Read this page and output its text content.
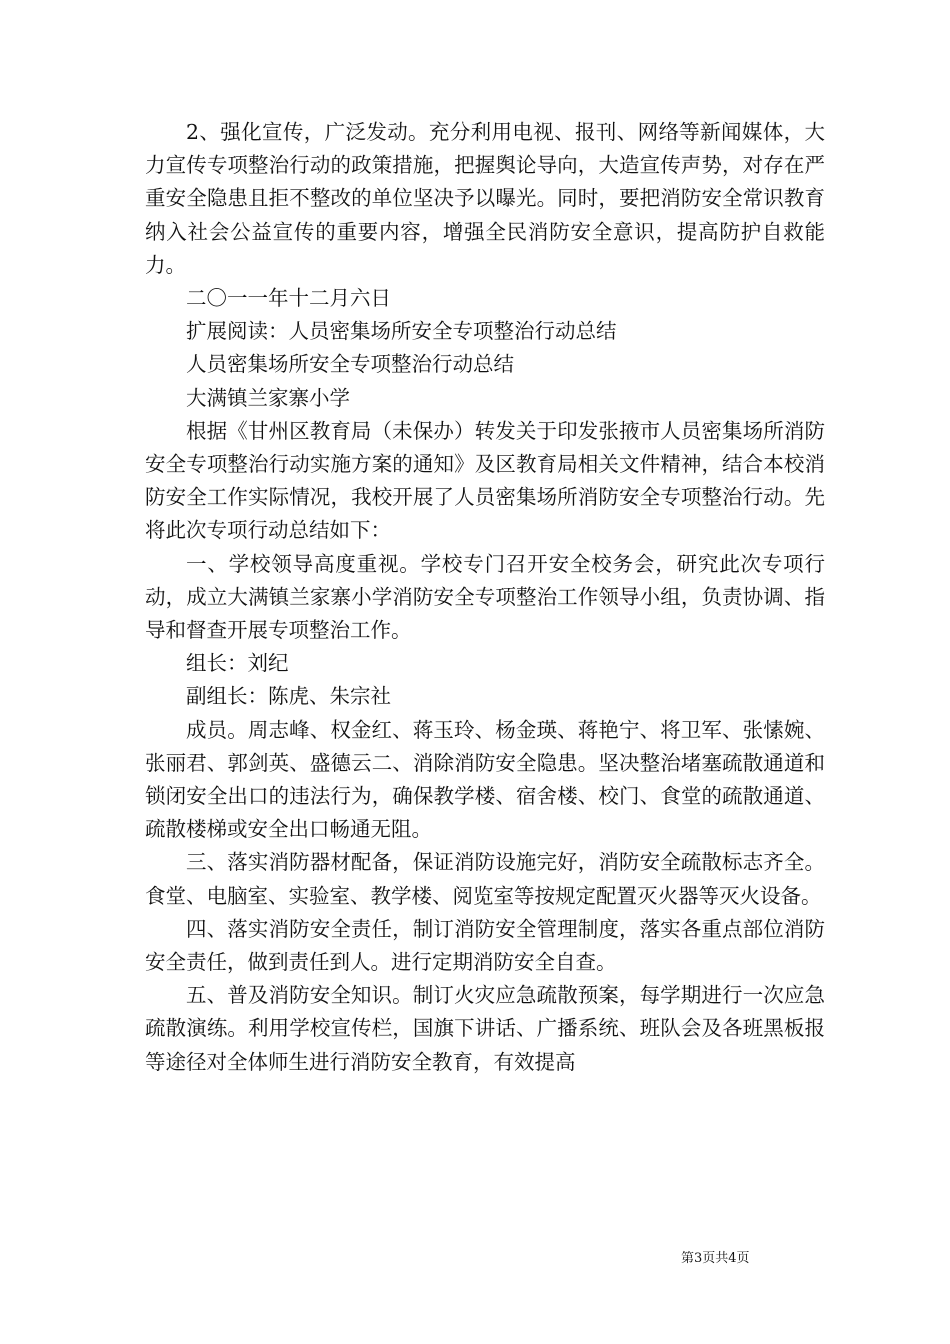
2、强化宣传，广泛发动。充分利用电视、报刊、网络等新闻媒体，大力宣传专项整治行动的政策措施，把握舆论导向，大造宣传声势，对存在严重安全隐患且拒不整改的单位坚决予以曝光。同时，要把消防安全常识教育纳入社会公益宣传的重要内容，增强全民消防安全意识，提高防护自救能力。

二〇一一年十二月六日

扩展阅读：人员密集场所安全专项整治行动总结

人员密集场所安全专项整治行动总结

大满镇兰家寨小学

根据《甘州区教育局（未保办）转发关于印发张掖市人员密集场所消防安全专项整治行动实施方案的通知》及区教育局相关文件精神，结合本校消防安全工作实际情况，我校开展了人员密集场所消防安全专项整治行动。先将此次专项行动总结如下：

一、学校领导高度重视。学校专门召开安全校务会，研究此次专项行动，成立大满镇兰家寨小学消防安全专项整治工作领导小组，负责协调、指导和督查开展专项整治工作。

组长：刘纪

副组长：陈虎、朱宗社

成员。周志峰、权金红、蒋玉玲、杨金瑛、蒋艳宁、将卫军、张愫婉、张丽君、郭剑英、盛德云二、消除消防安全隐患。坚决整治堵塞疏散通道和锁闭安全出口的违法行为，确保教学楼、宿舍楼、校门、食堂的疏散通道、疏散楼梯或安全出口畅通无阻。

三、落实消防器材配备，保证消防设施完好，消防安全疏散标志齐全。食堂、电脑室、实验室、教学楼、阅览室等按规定配置灭火器等灭火设备。

四、落实消防安全责任，制订消防安全管理制度，落实各重点部位消防安全责任，做到责任到人。进行定期消防安全自查。

五、普及消防安全知识。制订火灾应急疏散预案，每学期进行一次应急疏散演练。利用学校宣传栏，国旗下讲话、广播系统、班队会及各班黑板报等途径对全体师生进行消防安全教育，有效提高

第3页共4页
